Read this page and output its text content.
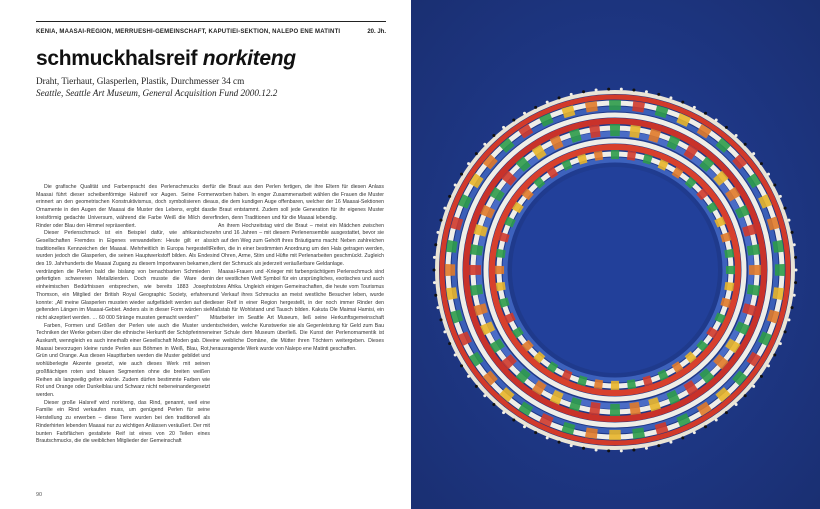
KENIA, MAASAI-REGION, MERRUESHI-GEMEINSCHAFT, KAPUTIEI-SEKTION, NALEPO ENE MATINTI	20. Jh.
schmuckhalsreif norkiteng
Draht, Tierhaut, Glasperlen, Plastik, Durchmesser 34 cm
Seattle, Seattle Art Museum, General Acquisition Fund 2000.12.2

Die grafische Qualität und Farbenpracht des Perlenschmucks der Maasai führt dieser scheibenförmige Halsreif vor Augen. Seine Form erinnert an den geometrischen Konstruktivismus, doch symbolisieren die Ornamente in den Augen der Maasai die Muster des Lebens, ergibt das kreisförmig gedachte Universum, während die Farbe Weiß die Milch der Rinder oder Blau den Himmel repräsentiert.

Dieser Perlenschmuck ist ein Beispiel dafür, wie afrikanische Gesellschaften Fremdes in Eigenes verwandelten: Heute gilt er als traditionelles Kennzeichen der Maasai. Mehrheitlich in Europa hergestellt wurden jedoch die Glasperlen, die seinen Hauptwerkstoff bilden. Als Ende des 19. Jahrhunderts die Maasai Zugang zu diesem Importwaren bekamen, verdrängten die Perlen bald die bislang von benachbarten Schmieden gefertigten schwereren Metallzierden. Doch musste die Ware den einheimischen Bedürfnissen entsprechen, wie bereits 1883 Joseph Thomson, ein Mitglied der British Royal Geographic Society, erfahren konnte: „All meine Glasperlen mussten wieder aufgefädelt werden auf die geltenden Längen im Maasai-Gebiet. Anders als in dieser Form würden sie nicht akzeptiert werden. … 60 000 Stränge mussten gemacht werden!"

Farben, Formen und Größen der Perlen wie auch die Muster und Techniken der Werke geben über die ethnische Herkunft der Schöpferinnen Auskunft, wenngleich es auch innerhalb einer Gesellschaft Moden gab. Die Maasai bevorzugen kleine runde Perlen aus Böhmen in Weiß, Blau, Rot, Grün und Orange. Aus diesen Hauptfarben werden die Muster gebildet und wohlüberlegte Akzente gesetzt, wie auch dieses Werk mit seinen großflächigen roten und blauen Segmenten ohne die breiten weißen Reihen als langweilig gelten würde. Zudem dürfen bestimmte Farben wie Rot und Orange oder Dunkelblau und Schwarz nicht nebeneinandergesetzt werden.

Dieser große Halsreif wird norkiteng, das Rind, genannt, weil eine Familie ein Rind verkaufen muss, um genügend Perlen für seine Herstellung zu erwerben – diese Tiere wurden bei den traditionell als Rinderhirten lebenden Maasai nur zu wichtigen Anlässen veräußert. Der mit bunten Farbflächen gestaltete Reif ist eines von 20 Teilen eines Brautschmucks, die die weiblichen Mitglieder der Gemeinschaft

für die Braut aus den Perlen fertigen, die ihre Eltern für diesen Anlass erworben haben. In enger Zusammenarbeit wählen die Frauen die Muster aus, die dem kundigen Auge offenbaren, welcher der 16 Maasai-Sektionen die Braut entstammt. Zudem soll jede Generation für ihr eigenes Muster erfinden, denn Traditionen und für die Maasai lebendig.

An ihrem Hochzeitstag wird die Braut – meist ein Mädchen zwischen zehn und 16 Jahren – mit diesem Perlenensemble ausgestattet, bevor sie sich auf den Weg zum Gehöft ihres Bräutigams macht: Neben zahlreichen Reifen, die in einer bestimmten Anordnung um den Hals getragen werden, sind Ohren, Arme, Stirn und Hüfte mit Perlenarbeiten geschmückt. Zugleich dient der Schmuck als jederzeit veräußerbare Geldanlage.

Maasai-Frauen und -Krieger mit farbenprächtigem Perlenschmuck sind in der westlichen Welt Symbol für ein ursprüngliches, exotisches und auch stolzes Afrika. Ungleich einigen Gemeinschaften, die heute vom Tourismus und Verkauf ihres Schmucks an meist westliche Besucher leben, wurde dieser Reif in einer Region hergestellt, in der noch immer Rinder den Maßstab für Wohlstand und Tausch bilden. Kakuta Ole Maimai Hamisi, ein Mitarbeiter im Seattle Art Museum, ließ seine Herkunftsgemeinschaft entscheiden, welche Kunstwerke sie als Gegenleistung für Geld zum Bau einer Schule dem Museum überließ. Die Kunst der Perlenornamentik ist eine weibliche Domäne, die Mütter ihren Töchtern weitergeben. Dieses herausragende Werk wurde von Nalepo ene Matinti geschaffen.

90
